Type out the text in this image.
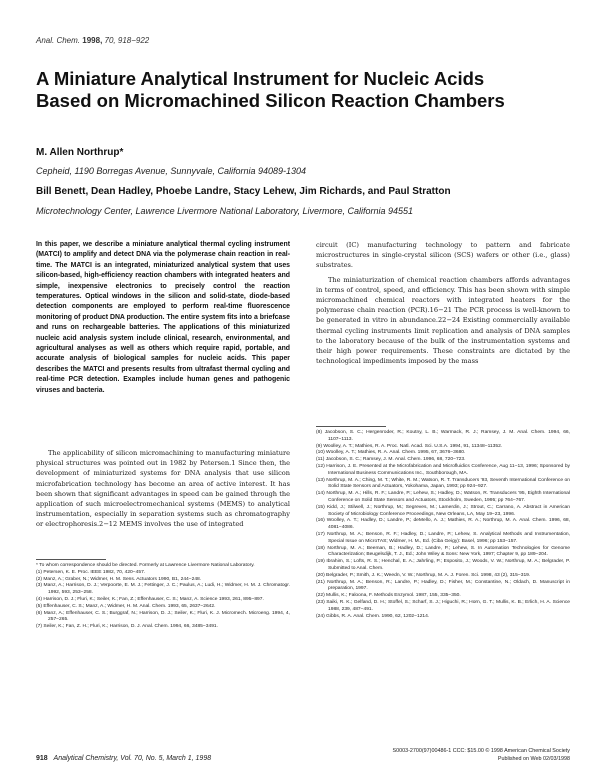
Anal. Chem. 1998, 70, 918−922
A Miniature Analytical Instrument for Nucleic Acids Based on Micromachined Silicon Reaction Chambers
M. Allen Northrup*
Cepheid, 1190 Borregas Avenue, Sunnyvale, California 94089-1304
Bill Benett, Dean Hadley, Phoebe Landre, Stacy Lehew, Jim Richards, and Paul Stratton
Microtechnology Center, Lawrence Livermore National Laboratory, Livermore, California 94551
In this paper, we describe a miniature analytical thermal cycling instrument (MATCI) to amplify and detect DNA via the polymerase chain reaction in real-time. The MATCI is an integrated, miniaturized analytical system that uses silicon-based, high-efficiency reaction chambers with integrated heaters and simple, inexpensive electronics to precisely control the reaction temperatures. Optical windows in the silicon and solid-state, diode-based detection components are employed to perform real-time fluorescence monitoring of product DNA production. The entire system fits into a briefcase and runs on rechargeable batteries. The applications of this miniaturized nucleic acid analysis system include clinical, research, environmental, and agricultural analyses as well as others which require rapid, portable, and accurate analysis of biological samples for nucleic acids. This paper describes the MATCI and presents results from ultrafast thermal cycling and real-time PCR detection. Examples include human genes and pathogenic viruses and bacteria.

The applicability of silicon micromachining to manufacturing miniature physical structures was pointed out in 1982 by Petersen.1 Since then, the development of miniaturized systems for DNA analysis that use silicon microfabrication technology has become an area of active interest. It has been shown that significant advantages in speed can be gained through the application of such microelectromechanical systems (MEMS) to analytical instrumentation, especially in separation systems such as chromatography or electrophoresis.2−12 MEMS involves the use of integrated

circuit (IC) manufacturing technology to pattern and fabricate microstructures in single-crystal silicon (SCS) wafers or other (i.e., glass) substrates.

The miniaturization of chemical reaction chambers affords advantages in terms of control, speed, and efficiency. This has been shown with simple micromachined chemical reactors with integrated heaters for the polymerase chain reaction (PCR).16−21 The PCR process is well-known to be generated in vitro in abundance.22−24 Existing commercially available thermal cycling instruments limit replication and analysis of DNA samples to the laboratory because of the bulk of the instrumentation systems and their high power requirements. These constraints are dictated by the technological impediments imposed by the mass

* To whom correspondence should be directed. Formerly at Lawrence Livermore National Laboratory.
(1) Petersen, K. E. Proc. IEEE 1982, 70, 420−457.
(2) Manz, A.; Graber, N.; Widmer, H. M. Sens. Actuators 1990, B1, 244−248.
(3) Manz, A.; Harrison, D. J.; Verpoorte, E. M. J.; Fettinger, J. C.; Paulus, A.; Ludi, H.; Widmer, H. M. J. Chromatogr. 1992, 593, 253−258.
(4) Harrison, D. J.; Fluri, K.; Seiler, K.; Fan, Z.; Effenhauser, C. S.; Manz, A. Science 1993, 261, 895−897.
(5) Effenhauser, C. S.; Manz, A.; Widmer, H. M. Anal. Chem. 1993, 65, 2637−2642.
(6) Manz, A.; Effenhauser, C. S.; Burggraf, N.; Harrison, D. J.; Seiler, K.; Fluri, K. J. Micromech. Microeng. 1994, 4, 257−265.
(7) Seiler, K.; Fan, Z. H.; Fluri, K.; Harrison, D. J. Anal. Chem. 1994, 66, 3485−3491.
(8) Jacobson, S. C.; Hergenroder, R.; Koutny, L. B.; Warmack, R. J.; Ramsey, J. M. Anal. Chem. 1994, 66, 1107−1113.
(9) Woolley, A. T.; Mathies, R. A. Proc. Natl. Acad. Sci. U.S.A. 1994, 91, 11348−11352.
(10) Woolley, A. T.; Mathies, R. A. Anal. Chem. 1995, 67, 3676−3680.
(11) Jacobson, S. C.; Ramsey, J. M. Anal. Chem. 1996, 68, 720−723.
(12) Harrison, J. E. Presented at the Microfabrication and Microfluidics Conference, Aug 11−13, 1996; Sponsored by International Business Communications Inc., Southborough, MA.
(13) Northrup, M. A.; Ching, M. T.; White, R. M.; Watson, R. T. Transducers '93, Seventh International Conference on Solid State Sensors and Actuators, Yokohama, Japan, 1993; pp 924−927.
(14) Northrup, M. A.; Hills, R. F.; Landre, P.; Lehew, S.; Hadley, D.; Watson, R. Transducers '95, Eighth International Conference on Solid State Sensors and Actuators, Stockholm, Sweden, 1995; pp 764−767.
(15) Kidd, J.; Stilwell, J.; Northrup, M.; Segreves, M.; Lamerdin, J.; Strout, C.; Carrano, A. Abstract in American Society of Microbiology Conference Proceedings, New Orleans, LA, May 19−23, 1996.
(16) Woolley, A. T.; Hadley, D.; Landre, P.; deMello, A. J.; Mathies, R. A.; Northrup, M. A. Anal. Chem. 1996, 68, 4081−4086.
(17) Northrup, M. A.; Benson, R. F.; Hadley, D.; Landre, P.; Lehew, S. Analytical Methods and Instrumentation, Special Issue on MicroTAS; Widmer, H. M., Ed. (Ciba Geigy): Basel, 1996; pp 153−157.
(18) Northrup, M. A.; Beeman, B.; Hadley, D.; Landre, P.; Lehew, S. In Automation Technologies for Genome Characterization; Beugelsdijk, T. J., Ed.; John Wiley & Sons: New York, 1997; Chapter 9, pp 189−204.
(19) Ibrahim, S.; Lofts, R. S.; Henchal, E. A.; Jahrling, P.; Esposito, J.; Woods, V. W.; Northrup, M. A.; Belgrader, P. Submitted to Anal. Chem.
(20) Belgrader, P.; Smith, J. K.; Weedn, V. W.; Northrup, M. A. J. Foren. Sci. 1998, 43 (2), 315−319.
(21) Northrup, M. A.; Benson, R.; Landre, P.; Hadley, D.; Fisher, M.; Constantine, N.; Oldach, D. Manuscript in preparation, 1997.
(22) Mullis, K.; Faloona, F. Methods Enzymol. 1987, 155, 335−350.
(23) Saiki, R. K.; Gelfand, D. H.; Stoffel, S.; Scharf, S. J.; Higuchi, R.; Horn, G. T.; Mullis, K. B.; Erlich, H. A. Science 1988, 239, 487−491.
(24) Gibbs, R. A. Anal. Chem. 1990, 62, 1202−1214.
918 Analytical Chemistry, Vol. 70, No. 5, March 1, 1998
S0003-2700(97)00486-1 CCC: $15.00 © 1998 American Chemical Society
Published on Web 02/03/1998
